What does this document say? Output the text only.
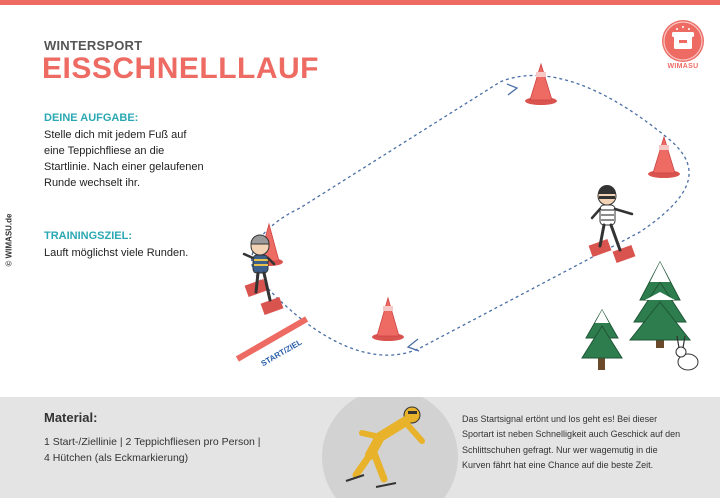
© WIMASU.de
WINTERSPORT
EISSCHNELLLAUF
DEINE AUFGABE:
Stelle dich mit jedem Fuß auf
eine Teppichfliese an die
Startlinie. Nach einer gelaufenen
Runde wechselt ihr.
TRAININGSZIEL:
Lauft möglichst viele Runden.
WIMASU
START/ZIEL
Material:
1 Start-/Ziellinie | 2 Teppichfliesen pro Person |
4 Hütchen (als Eckmarkierung)
Das Startsignal ertönt und los geht es! Bei dieser
Sportart ist neben Schnelligkeit auch Geschick auf den
Schlittschuhen gefragt. Nur wer wagemutig in die
Kurven fährt hat eine Chance auf die beste Zeit.
